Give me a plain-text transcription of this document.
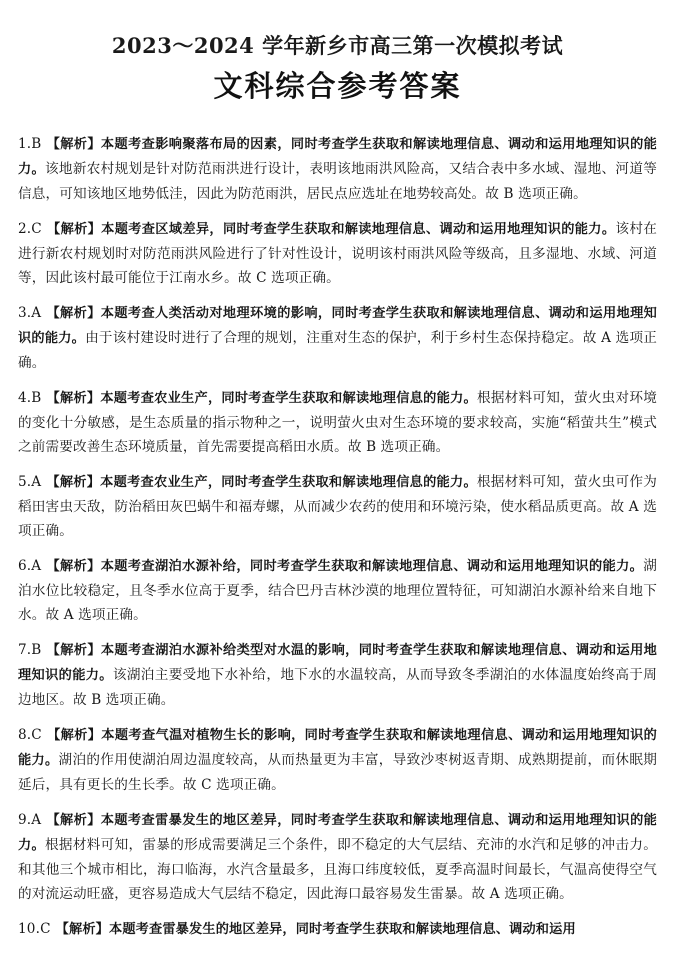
2023～2024 学年新乡市高三第一次模拟考试
文科综合参考答案
1.B 【解析】本题考查影响聚落布局的因素，同时考查学生获取和解读地理信息、调动和运用地理知识的能力。该地新农村规划是针对防范雨洪进行设计，表明该地雨洪风险高，又结合表中多水域、湿地、河道等信息，可知该地区地势低洼，因此为防范雨洪，居民点应选址在地势较高处。故 B 选项正确。
2.C 【解析】本题考查区域差异，同时考查学生获取和解读地理信息、调动和运用地理知识的能力。该村在进行新农村规划时对防范雨洪风险进行了针对性设计，说明该村雨洪风险等级高，且多湿地、水域、河道等，因此该村最可能位于江南水乡。故 C 选项正确。
3.A 【解析】本题考查人类活动对地理环境的影响，同时考查学生获取和解读地理信息、调动和运用地理知识的能力。由于该村建设时进行了合理的规划，注重对生态的保护，利于乡村生态保持稳定。故 A 选项正确。
4.B 【解析】本题考查农业生产，同时考查学生获取和解读地理信息的能力。根据材料可知，萤火虫对环境的变化十分敏感，是生态质量的指示物种之一，说明萤火虫对生态环境的要求较高，实施“稻萤共生”模式之前需要改善生态环境质量，首先需要提高稻田水质。故 B 选项正确。
5.A 【解析】本题考查农业生产，同时考查学生获取和解读地理信息的能力。根据材料可知，萤火虫可作为稻田害虫天敌，防治稻田灰巴蜗牛和福寿螺，从而减少农药的使用和环境污染，使水稻品质更高。故 A 选项正确。
6.A 【解析】本题考查湖泊水源补给，同时考查学生获取和解读地理信息、调动和运用地理知识的能力。湖泊水位比较稳定，且冬季水位高于夏季，结合巴丹吉林沙漠的地理位置特征，可知湖泊水源补给来自地下水。故 A 选项正确。
7.B 【解析】本题考查湖泊水源补给类型对水温的影响，同时考查学生获取和解读地理信息、调动和运用地理知识的能力。该湖泊主要受地下水补给，地下水的水温较高，从而导致冬季湖泊的水体温度始终高于周边地区。故 B 选项正确。
8.C 【解析】本题考查气温对植物生长的影响，同时考查学生获取和解读地理信息、调动和运用地理知识的能力。湖泊的作用使湖泊周边温度较高，从而热量更为丰富，导致沙枣树返青期、成熟期提前，而休眠期延后，具有更长的生长季。故 C 选项正确。
9.A 【解析】本题考查雷暴发生的地区差异，同时考查学生获取和解读地理信息、调动和运用地理知识的能力。根据材料可知，雷暴的形成需要满足三个条件，即不稳定的大气层结、充沛的水汽和足够的冲击力。和其他三个城市相比，海口临海，水汽含量最多，且海口纬度较低，夏季高温时间最长，气温高使得空气的对流运动旺盛，更容易造成大气层结不稳定，因此海口最容易发生雷暴。故 A 选项正确。
10.C 【解析】本题考查雷暴发生的地区差异，同时考查学生获取和解读地理信息、调动和运用
